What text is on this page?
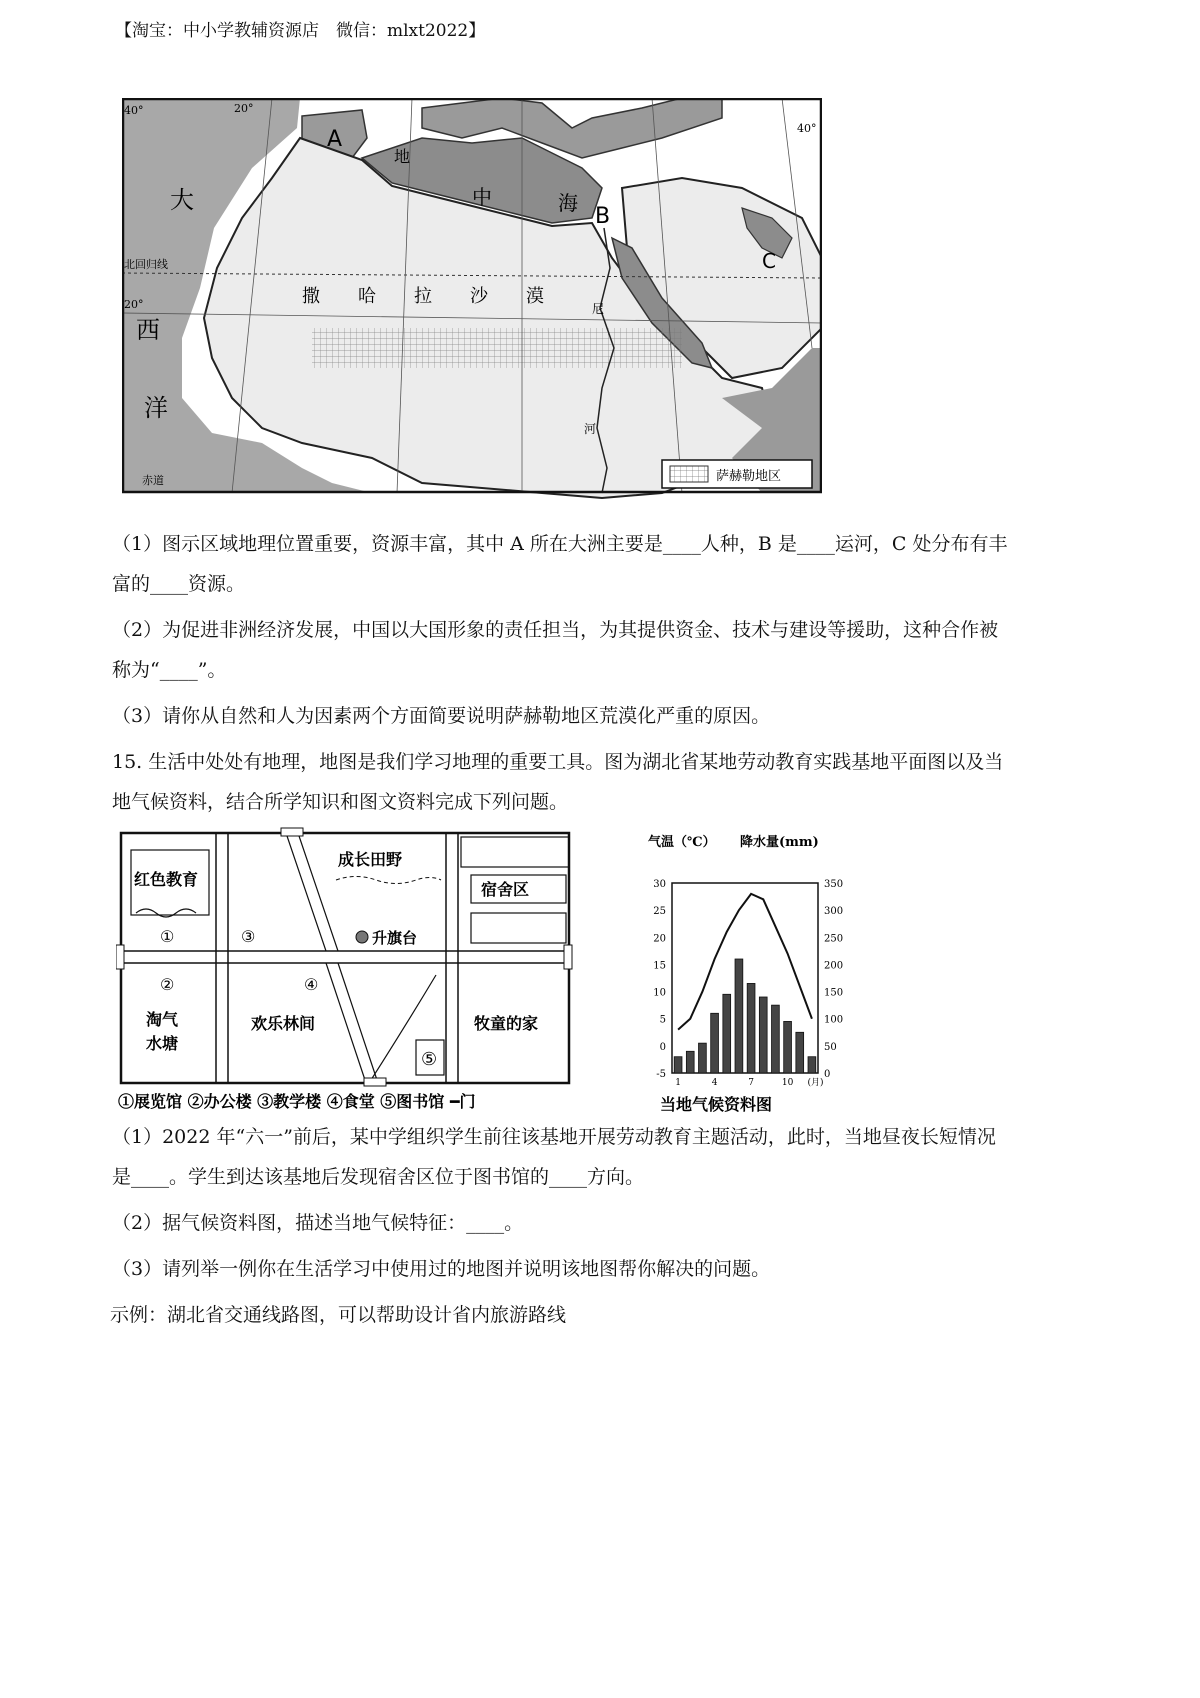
【淘宝：中小学教辅资源店　微信：mlxt2022】
A
B
C
地
中	海
大
西
洋
撒 哈 拉 沙 漠
尼
河
北回归线
20°
40°
赤道
20°
40°
萨赫勒地区

（1）图示区域地理位置重要，资源丰富，其中 A 所在大洲主要是____人种，B 是____运河，C 处分布有丰

富的____资源。

（2）为促进非洲经济发展，中国以大国形象的责任担当，为其提供资金、技术与建设等援助，这种合作被

称为“____”。

（3）请你从自然和人为因素两个方面简要说明萨赫勒地区荒漠化严重的原因。

15. 生活中处处有地理，地图是我们学习地理的重要工具。图为湖北省某地劳动教育实践基地平面图以及当

地气候资料，结合所学知识和图文资料完成下列问题。

红色教育
成长田野
宿舍区
升旗台
欢乐林间	牧童的家
淘气
水塘
①
②
③
④
⑤
①展览馆 ②办公楼 ③教学楼 ④食堂 ⑤图书馆 ━门
气温（℃） 降水量(mm)
30
25
20
15
10
5
0
-5
350
300
250
200
150
100
50
0
1	4	7	10 (月)
当地气候资料图

（1）2022 年“六一”前后，某中学组织学生前往该基地开展劳动教育主题活动，此时，当地昼夜长短情况

是____。学生到达该基地后发现宿舍区位于图书馆的____方向。

（2）据气候资料图，描述当地气候特征：____。

（3）请列举一例你在生活学习中使用过的地图并说明该地图帮你解决的问题。

示例：湖北省交通线路图，可以帮助设计省内旅游路线
